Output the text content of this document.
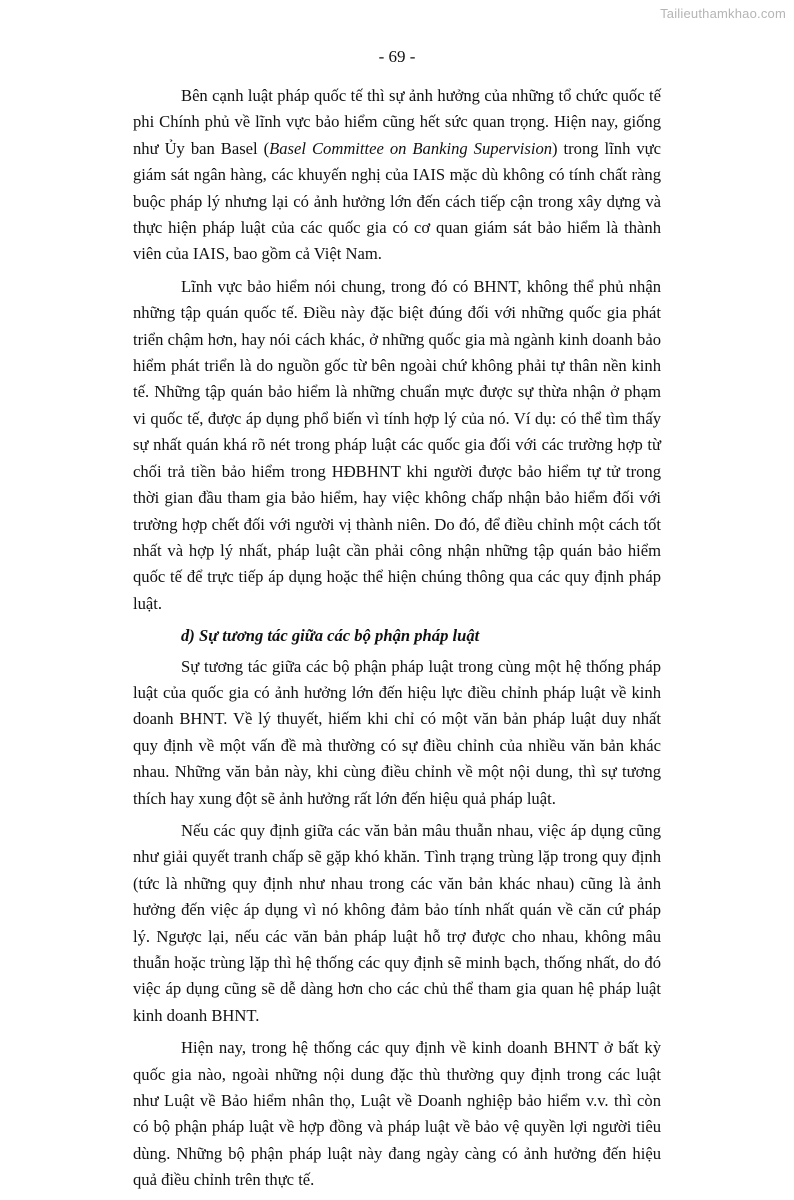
Tailieuthamkhao.com
- 69 -

Bên cạnh luật pháp quốc tế thì sự ảnh hưởng của những tổ chức quốc tế phi Chính phủ về lĩnh vực bảo hiểm cũng hết sức quan trọng. Hiện nay, giống như Ủy ban Basel (Basel Committee on Banking Supervision) trong lĩnh vực giám sát ngân hàng, các khuyến nghị của IAIS mặc dù không có tính chất ràng buộc pháp lý nhưng lại có ảnh hưởng lớn đến cách tiếp cận trong xây dựng và thực hiện pháp luật của các quốc gia có cơ quan giám sát bảo hiểm là thành viên của IAIS, bao gồm cả Việt Nam.

Lĩnh vực bảo hiểm nói chung, trong đó có BHNT, không thể phủ nhận những tập quán quốc tế. Điều này đặc biệt đúng đối với những quốc gia phát triển chậm hơn, hay nói cách khác, ở những quốc gia mà ngành kinh doanh bảo hiểm phát triển là do nguồn gốc từ bên ngoài chứ không phải tự thân nền kinh tế. Những tập quán bảo hiểm là những chuẩn mực được sự thừa nhận ở phạm vi quốc tế, được áp dụng phổ biến vì tính hợp lý của nó. Ví dụ: có thể tìm thấy sự nhất quán khá rõ nét trong pháp luật các quốc gia đối với các trường hợp từ chối trả tiền bảo hiểm trong HĐBHNT khi người được bảo hiểm tự tử trong thời gian đầu tham gia bảo hiểm, hay việc không chấp nhận bảo hiểm đối với trường hợp chết đối với người vị thành niên. Do đó, để điều chỉnh một cách tốt nhất và hợp lý nhất, pháp luật cần phải công nhận những tập quán bảo hiểm quốc tế để trực tiếp áp dụng hoặc thể hiện chúng thông qua các quy định pháp luật.

d) Sự tương tác giữa các bộ phận pháp luật

Sự tương tác giữa các bộ phận pháp luật trong cùng một hệ thống pháp luật của quốc gia có ảnh hưởng lớn đến hiệu lực điều chỉnh pháp luật về kinh doanh BHNT. Về lý thuyết, hiếm khi chỉ có một văn bản pháp luật duy nhất quy định về một vấn đề mà thường có sự điều chỉnh của nhiều văn bản khác nhau. Những văn bản này, khi cùng điều chỉnh về một nội dung, thì sự tương thích hay xung đột sẽ ảnh hưởng rất lớn đến hiệu quả pháp luật.

Nếu các quy định giữa các văn bản mâu thuẫn nhau, việc áp dụng cũng như giải quyết tranh chấp sẽ gặp khó khăn. Tình trạng trùng lặp trong quy định (tức là những quy định như nhau trong các văn bản khác nhau) cũng là ảnh hưởng đến việc áp dụng vì nó không đảm bảo tính nhất quán về căn cứ pháp lý. Ngược lại, nếu các văn bản pháp luật hỗ trợ được cho nhau, không mâu thuẫn hoặc trùng lặp thì hệ thống các quy định sẽ minh bạch, thống nhất, do đó việc áp dụng cũng sẽ dễ dàng hơn cho các chủ thể tham gia quan hệ pháp luật kinh doanh BHNT.

Hiện nay, trong hệ thống các quy định về kinh doanh BHNT ở bất kỳ quốc gia nào, ngoài những nội dung đặc thù thường quy định trong các luật như Luật về Bảo hiểm nhân thọ, Luật về Doanh nghiệp bảo hiểm v.v. thì còn có bộ phận pháp luật về hợp đồng và pháp luật về bảo vệ quyền lợi người tiêu dùng. Những bộ phận pháp luật này đang ngày càng có ảnh hưởng đến hiệu quả điều chỉnh trên thực tế.
